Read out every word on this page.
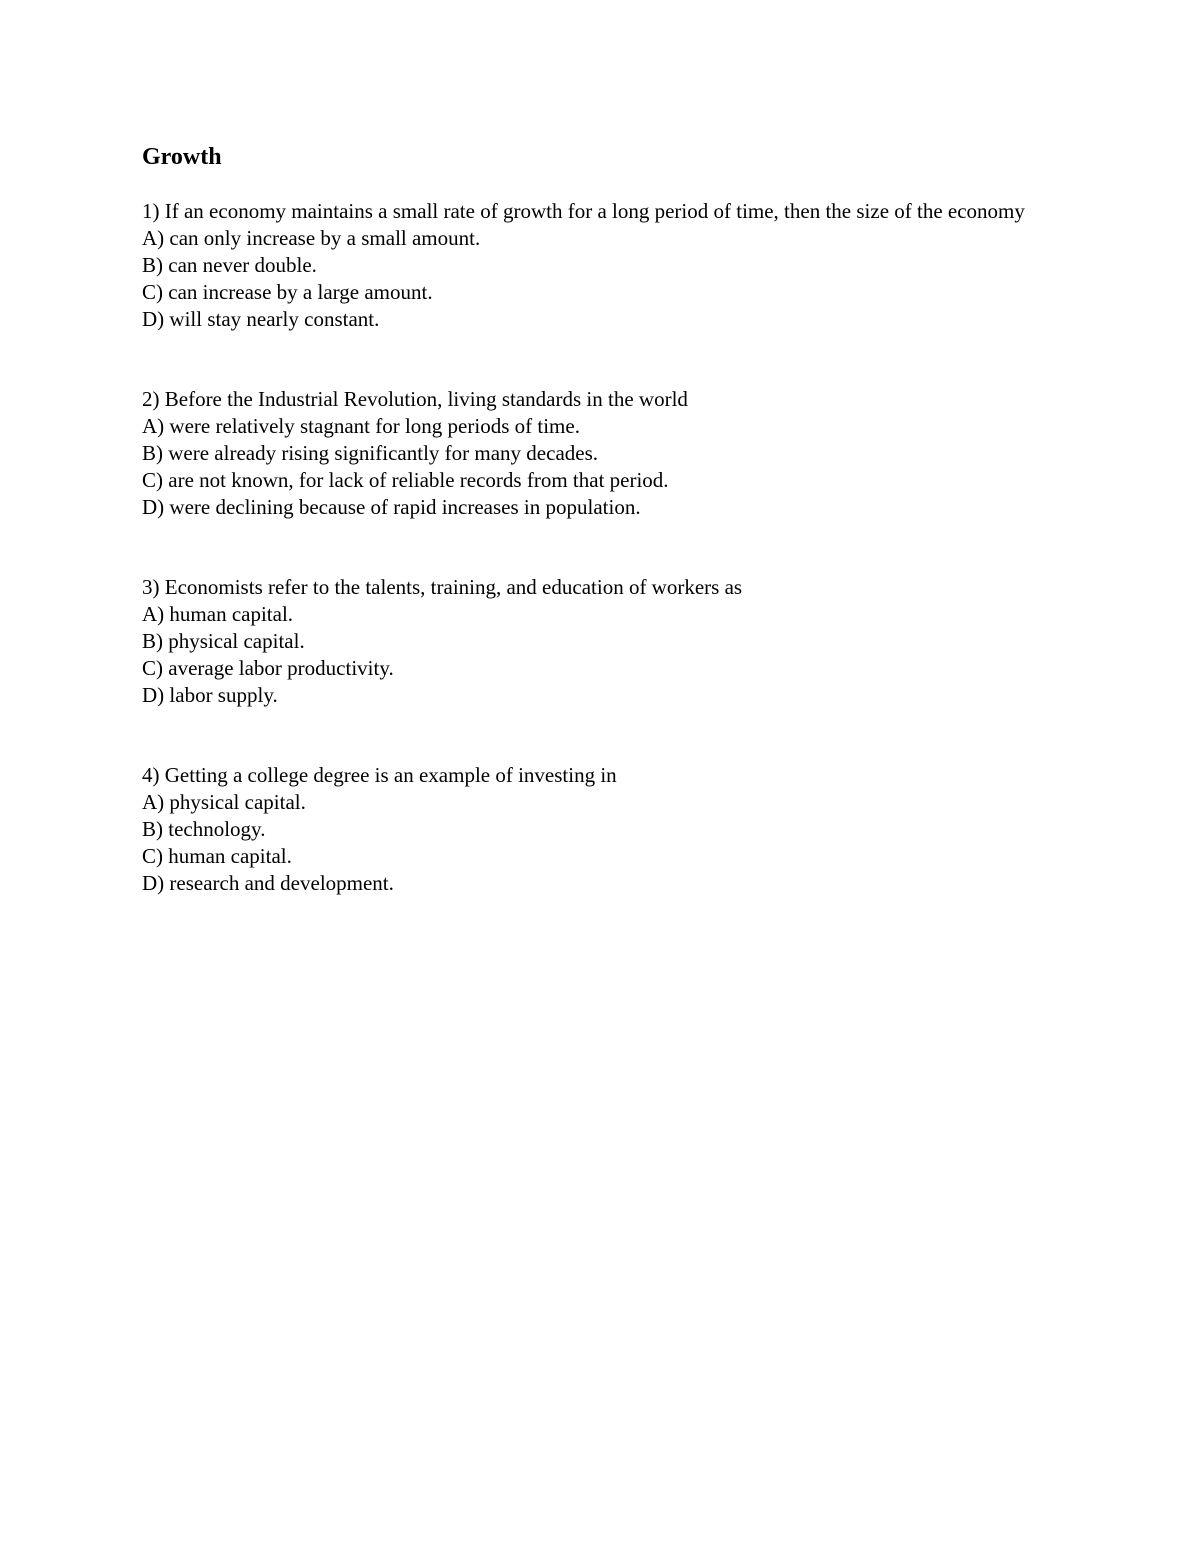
Growth

1) If an economy maintains a small rate of growth for a long period of time, then the size of the economy

A) can only increase by a small amount.

B) can never double.

C) can increase by a large amount.

D) will stay nearly constant.

2) Before the Industrial Revolution, living standards in the world

A) were relatively stagnant for long periods of time.

B) were already rising significantly for many decades.

C) are not known, for lack of reliable records from that period.

D) were declining because of rapid increases in population.

3) Economists refer to the talents, training, and education of workers as

A) human capital.

B) physical capital.

C) average labor productivity.

D) labor supply.

4) Getting a college degree is an example of investing in

A) physical capital.

B) technology.

C) human capital.

D) research and development.
